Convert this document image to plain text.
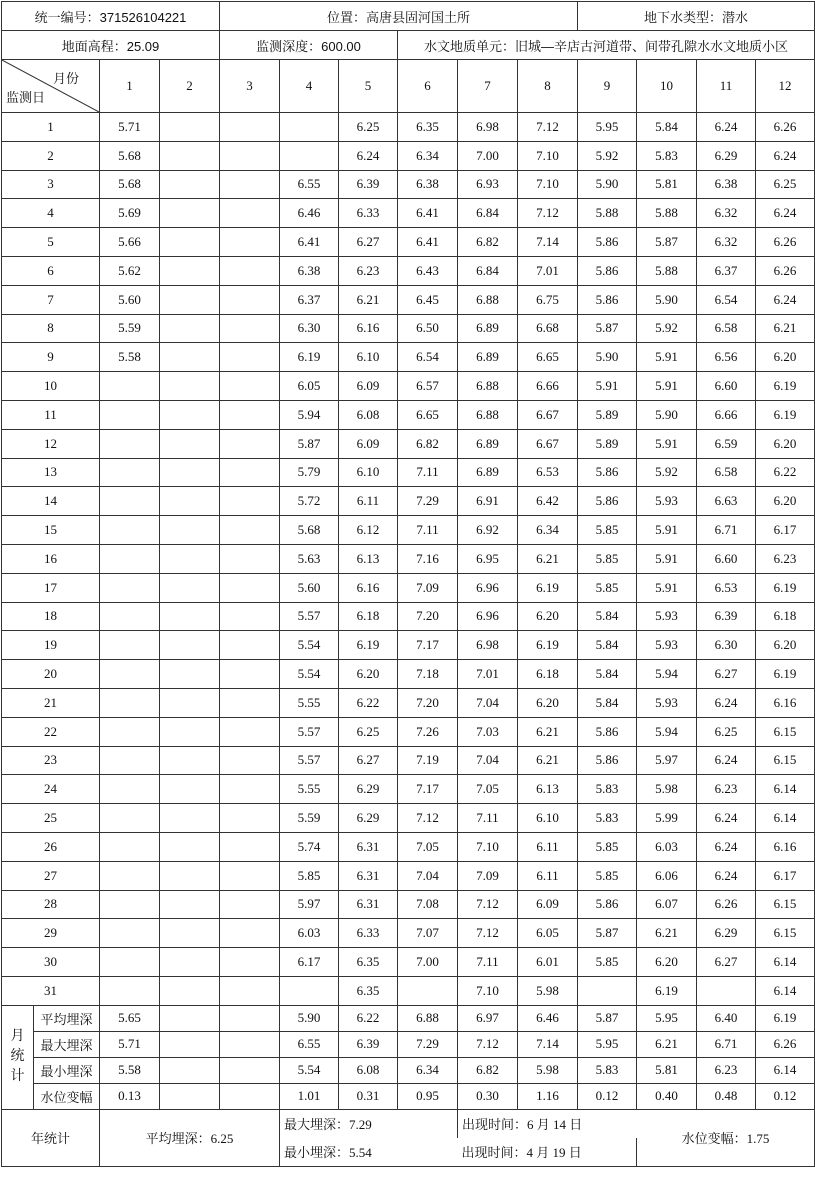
统一编号：371526104221				位置：高唐县固河国土所						地下水类型：潜水			
地面高程：25.09				监测深度：600.00			水文地质单元：旧城—辛店古河道带、间带孔隙水水文地质小区						

月份
监测日		1	2	3	4	5	6	7	8	9	10	11	12
1		5.71				6.25	6.35	6.98	7.12	5.95	5.84	6.24	6.26
2		5.68				6.24	6.34	7.00	7.10	5.92	5.83	6.29	6.24
3		5.68			6.55	6.39	6.38	6.93	7.10	5.90	5.81	6.38	6.25
4		5.69			6.46	6.33	6.41	6.84	7.12	5.88	5.88	6.32	6.24
5		5.66			6.41	6.27	6.41	6.82	7.14	5.86	5.87	6.32	6.26
6		5.62			6.38	6.23	6.43	6.84	7.01	5.86	5.88	6.37	6.26
7		5.60			6.37	6.21	6.45	6.88	6.75	5.86	5.90	6.54	6.24
8		5.59			6.30	6.16	6.50	6.89	6.68	5.87	5.92	6.58	6.21
9		5.58			6.19	6.10	6.54	6.89	6.65	5.90	5.91	6.56	6.20
10					6.05	6.09	6.57	6.88	6.66	5.91	5.91	6.60	6.19
11					5.94	6.08	6.65	6.88	6.67	5.89	5.90	6.66	6.19
12					5.87	6.09	6.82	6.89	6.67	5.89	5.91	6.59	6.20
13					5.79	6.10	7.11	6.89	6.53	5.86	5.92	6.58	6.22
14					5.72	6.11	7.29	6.91	6.42	5.86	5.93	6.63	6.20
15					5.68	6.12	7.11	6.92	6.34	5.85	5.91	6.71	6.17
16					5.63	6.13	7.16	6.95	6.21	5.85	5.91	6.60	6.23
17					5.60	6.16	7.09	6.96	6.19	5.85	5.91	6.53	6.19
18					5.57	6.18	7.20	6.96	6.20	5.84	5.93	6.39	6.18
19					5.54	6.19	7.17	6.98	6.19	5.84	5.93	6.30	6.20
20					5.54	6.20	7.18	7.01	6.18	5.84	5.94	6.27	6.19
21					5.55	6.22	7.20	7.04	6.20	5.84	5.93	6.24	6.16
22					5.57	6.25	7.26	7.03	6.21	5.86	5.94	6.25	6.15
23					5.57	6.27	7.19	7.04	6.21	5.86	5.97	6.24	6.15
24					5.55	6.29	7.17	7.05	6.13	5.83	5.98	6.23	6.14
25					5.59	6.29	7.12	7.11	6.10	5.83	5.99	6.24	6.14
26					5.74	6.31	7.05	7.10	6.11	5.85	6.03	6.24	6.16
27					5.85	6.31	7.04	7.09	6.11	5.85	6.06	6.24	6.17
28					5.97	6.31	7.08	7.12	6.09	5.86	6.07	6.26	6.15
29					6.03	6.33	7.07	7.12	6.05	5.87	6.21	6.29	6.15
30					6.17	6.35	7.00	7.11	6.01	5.85	6.20	6.27	6.14
31						6.35		7.10	5.98		6.19		6.14
月统计	平均埋深	5.65			5.90	6.22	6.88	6.97	6.46	5.87	5.95	6.40	6.19
	最大埋深	5.71			6.55	6.39	7.29	7.12	7.14	5.95	6.21	6.71	6.26
	最小埋深	5.58			5.54	6.08	6.34	6.82	5.98	5.83	5.81	6.23	6.14
	水位变幅	0.13			1.01	0.31	0.95	0.30	1.16	0.12	0.40	0.48	0.12
年统计		平均埋深：6.25			最大埋深：7.29			出现时间：6 月 14 日			水位变幅：1.75		
					最小埋深：5.54			出现时间：4 月 19 日					
